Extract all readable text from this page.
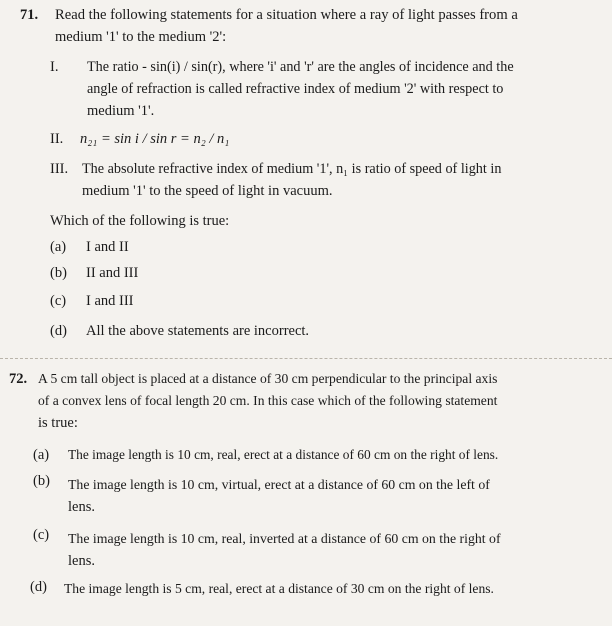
71. Read the following statements for a situation where a ray of light passes from a
medium '1' to the medium '2':
I. The ratio - sin(i) / sin(r), where 'i' and 'r' are the angles of incidence and the
angle of refraction is called refractive index of medium '2' with respect to
medium '1'.
II. n₂₁ = sin i / sin r = n₂ / n₁
III. The absolute refractive index of medium '1', n₁ is ratio of speed of light in
medium '1' to the speed of light in vacuum.
Which of the following is true:
(a) I and II
(b) II and III
(c) I and III
(d) All the above statements are incorrect.
72. A 5 cm tall object is placed at a distance of 30 cm perpendicular to the principal axis
of a convex lens of focal length 20 cm. In this case which of the following statement
is true:
(a) The image length is 10 cm, real, erect at a distance of 60 cm on the right of lens.
(b) The image length is 10 cm, virtual, erect at a distance of 60 cm on the left of
lens.
(c) The image length is 10 cm, real, inverted at a distance of 60 cm on the right of
lens.
(d) The image length is 5 cm, real, erect at a distance of 30 cm on the right of lens.
